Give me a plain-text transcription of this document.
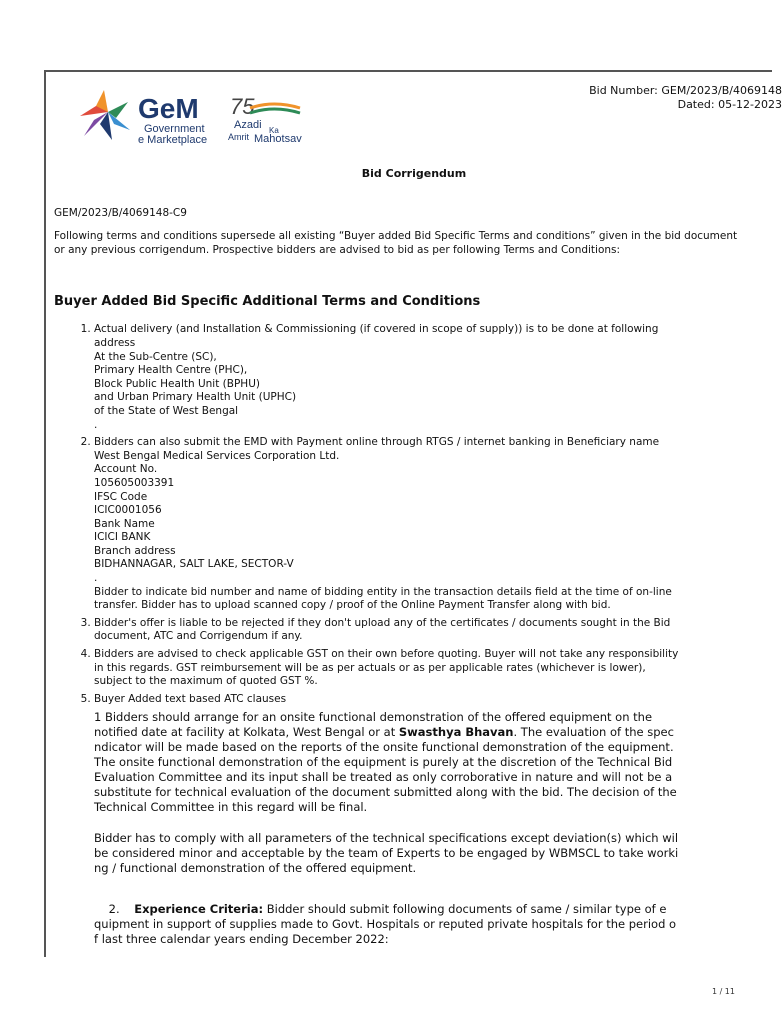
GeM
Government
e Marketplace
75
Azadi Ka
Amrit Mahotsav
Bid Number: GEM/2023/B/4069148
Dated: 05-12-2023
Bid Corrigendum
GEM/2023/B/4069148-C9
Following terms and conditions supersede all existing “Buyer added Bid Specific Terms and conditions” given in the bid document or any previous corrigendum. Prospective bidders are advised to bid as per following Terms and Conditions:
Buyer Added Bid Specific Additional Terms and Conditions
1. Actual delivery (and Installation & Commissioning (if covered in scope of supply)) is to be done at following
address
At the Sub-Centre (SC),
Primary Health Centre (PHC),
Block Public Health Unit (BPHU)
and Urban Primary Health Unit (UPHC)
of the State of West Bengal
.
2. Bidders can also submit the EMD with Payment online through RTGS / internet banking in Beneficiary name
West Bengal Medical Services Corporation Ltd.
Account No.
105605003391
IFSC Code
ICIC0001056
Bank Name
ICICI BANK
Branch address
BIDHANNAGAR, SALT LAKE, SECTOR-V
.
Bidder to indicate bid number and name of bidding entity in the transaction details field at the time of on-line
transfer. Bidder has to upload scanned copy / proof of the Online Payment Transfer along with bid.
3. Bidder's offer is liable to be rejected if they don't upload any of the certificates / documents sought in the Bid
document, ATC and Corrigendum if any.
4. Bidders are advised to check applicable GST on their own before quoting. Buyer will not take any responsibility
in this regards. GST reimbursement will be as per actuals or as per applicable rates (whichever is lower),
subject to the maximum of quoted GST %.
5. Buyer Added text based ATC clauses

1 Bidders should arrange for an onsite functional demonstration of the offered equipment on the
notified date at facility at Kolkata, West Bengal or at Swasthya Bhavan. The evaluation of the spec
ndicator will be made based on the reports of the onsite functional demonstration of the equipment.
The onsite functional demonstration of the equipment is purely at the discretion of the Technical Bid
Evaluation Committee and its input shall be treated as only corroborative in nature and will not be a
substitute for technical evaluation of the document submitted along with the bid. The decision of the
Technical Committee in this regard will be final.

Bidder has to comply with all parameters of the technical specifications except deviation(s) which wil
be considered minor and acceptable by the team of Experts to be engaged by WBMSCL to take worki
ng / functional demonstration of the offered equipment.

2. Experience Criteria: Bidder should submit following documents of same / similar type of e
quipment in support of supplies made to Govt. Hospitals or reputed private hospitals for the period o
f last three calendar years ending December 2022:

1 / 11
